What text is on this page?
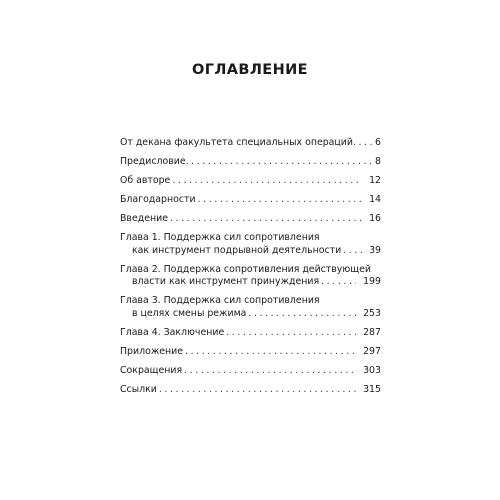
ОГЛАВЛЕНИЕ
От декана факультета специальных операций . . . 6
Предисловие . . .	8
Об авторе . . .	12
Благодарности . . .	14
Введение . . .	16
Глава 1. Поддержка сил сопротивления
как инструмент подрывной деятельности . . .	39
Глава 2. Поддержка сопротивления действующей
власти как инструмент принуждения . . .	199
Глава 3. Поддержка сил сопротивления
в целях смены режима . . .	253
Глава 4. Заключение . . .	287
Приложение . . .	297
Сокращения . . .	303
Ссылки . . .	315
